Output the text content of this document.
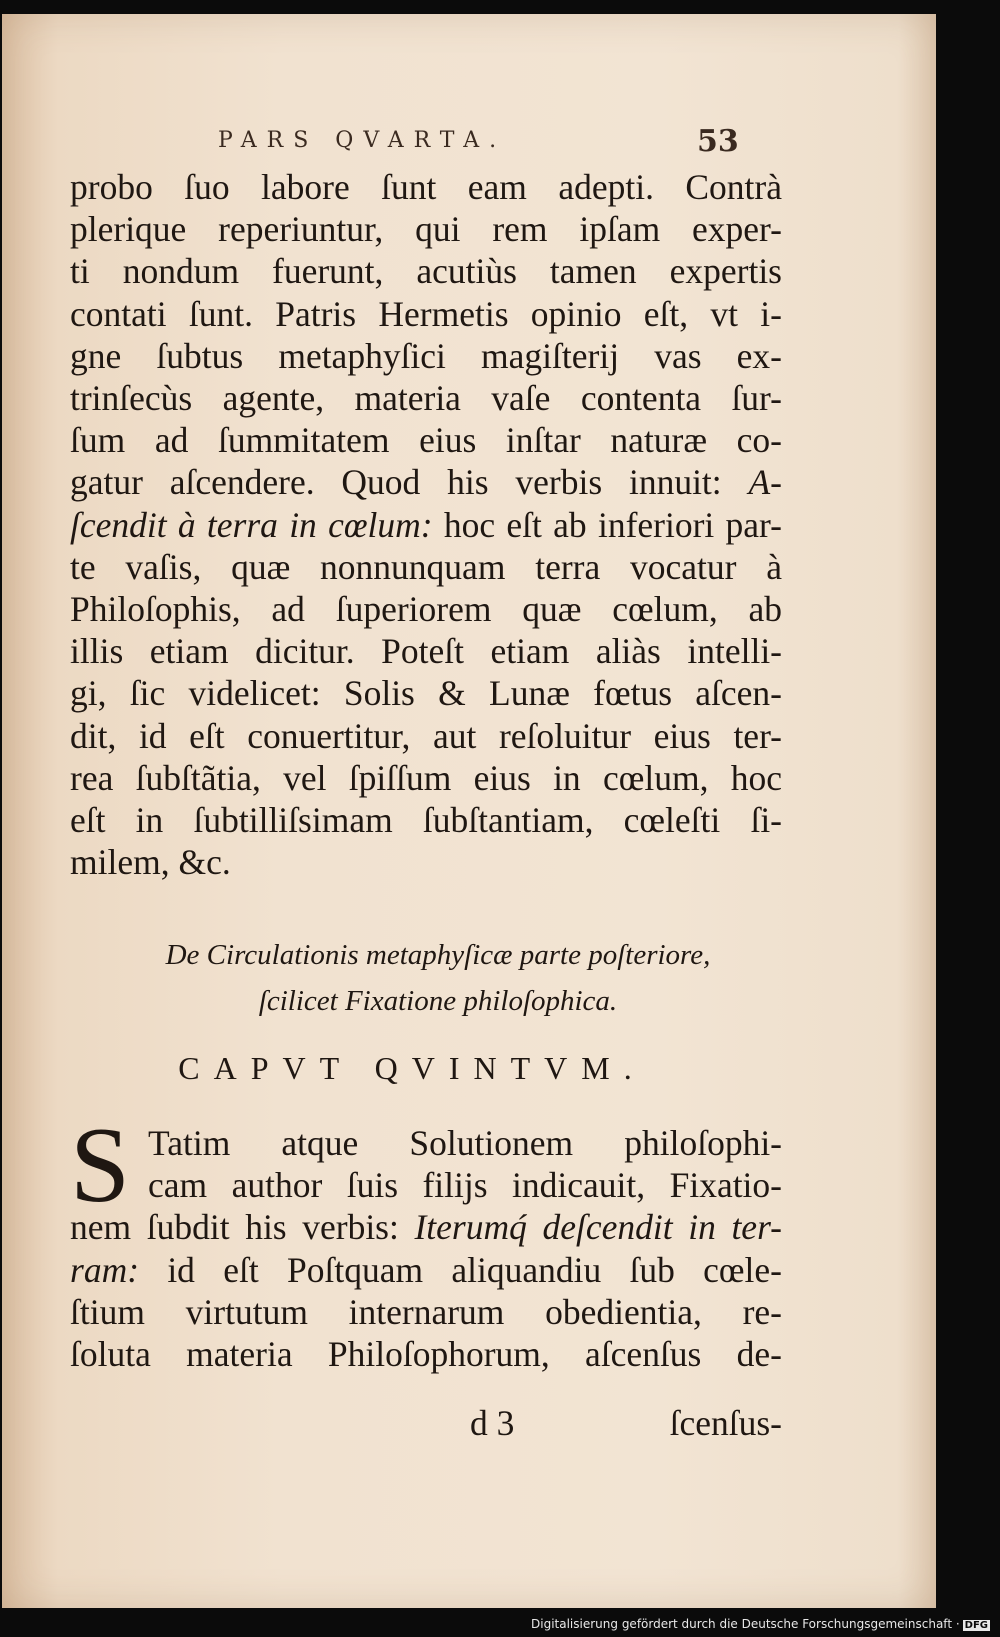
PARS QVARTA.	53
probo ſuo labore ſunt eam adepti. Contrà
plerique reperiuntur, qui rem ipſam exper-
ti nondum fuerunt, acutiùs tamen expertis
contati ſunt. Patris Hermetis opinio eſt, vt i-
gne ſubtus metaphyſici magiſterij vas ex-
trinſecùs agente, materia vaſe contenta ſur-
ſum ad ſummitatem eius inſtar naturæ co-
gatur aſcendere. Quod his verbis innuit: A-
ſcendit à terra in cœlum: hoc eſt ab inferiori par-
te vaſis, quæ nonnunquam terra vocatur à
Philoſophis, ad ſuperiorem quæ cœlum, ab
illis etiam dicitur. Poteſt etiam aliàs intelli-
gi, ſic videlicet: Solis & Lunæ fœtus aſcen-
dit, id eſt conuertitur, aut reſoluitur eius ter-
rea ſubſtãtia, vel ſpiſſum eius in cœlum, hoc
eſt in ſubtilliſsimam ſubſtantiam, cœleſti ſi-
milem, &c.
De Circulationis metaphyſicæ parte poſteriore,
ſcilicet Fixatione philoſophica.
CAPVT QVINTVM.
S Tatim atque Solutionem philoſophi-
cam author ſuis filijs indicauit, Fixatio-
nem ſubdit his verbis: Iterumq́ deſcendit in ter-
ram: id eſt Poſtquam aliquandiu ſub cœle-
ſtium virtutum internarum obedientia, re-
ſoluta materia Philoſophorum, aſcenſus de-
d 3	ſcenſus-
Digitalisierung gefördert durch die Deutsche Forschungsgemeinschaft · DFG
